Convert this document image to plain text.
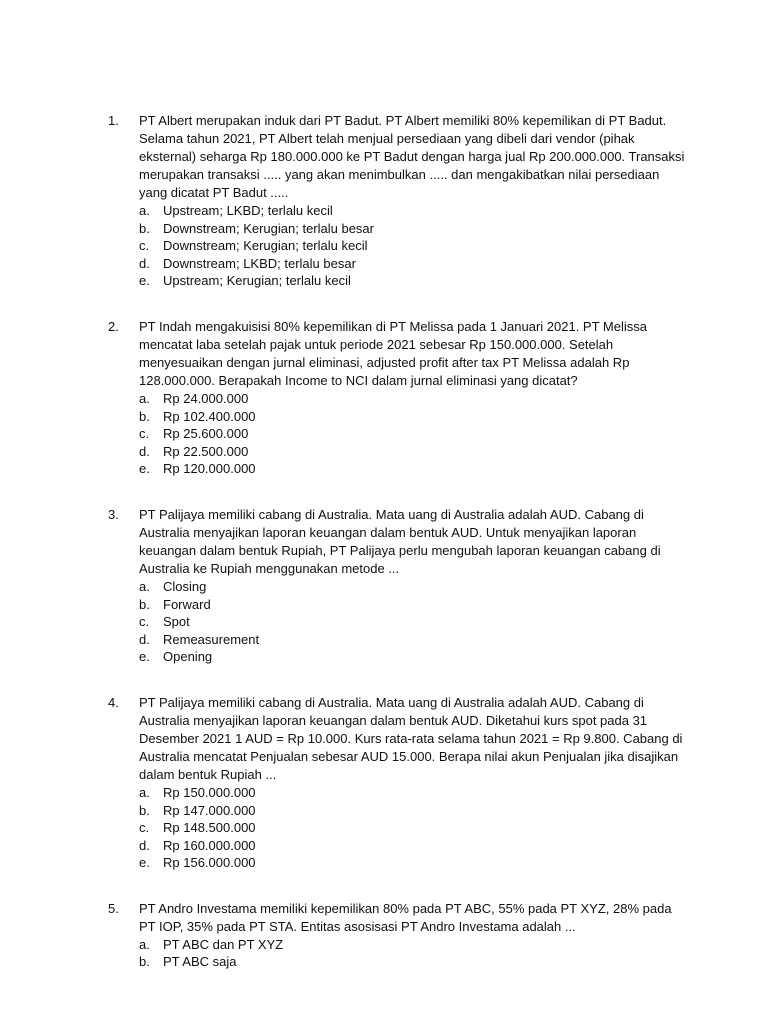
1. PT Albert merupakan induk dari PT Badut. PT Albert memiliki 80% kepemilikan di PT Badut. Selama tahun 2021, PT Albert telah menjual persediaan yang dibeli dari vendor (pihak eksternal) seharga Rp 180.000.000 ke PT Badut dengan harga jual Rp 200.000.000. Transaksi merupakan transaksi ..... yang akan menimbulkan ..... dan mengakibatkan nilai persediaan yang dicatat PT Badut .....
a. Upstream; LKBD; terlalu kecil
b. Downstream; Kerugian; terlalu besar
c. Downstream; Kerugian; terlalu kecil
d. Downstream; LKBD; terlalu besar
e. Upstream; Kerugian; terlalu kecil
2. PT Indah mengakuisisi 80% kepemilikan di PT Melissa pada 1 Januari 2021. PT Melissa mencatat laba setelah pajak untuk periode 2021 sebesar Rp 150.000.000. Setelah menyesuaikan dengan jurnal eliminasi, adjusted profit after tax PT Melissa adalah Rp 128.000.000. Berapakah Income to NCI dalam jurnal eliminasi yang dicatat?
a. Rp 24.000.000
b. Rp 102.400.000
c. Rp 25.600.000
d. Rp 22.500.000
e. Rp 120.000.000
3. PT Palijaya memiliki cabang di Australia. Mata uang di Australia adalah AUD. Cabang di Australia menyajikan laporan keuangan dalam bentuk AUD. Untuk menyajikan laporan keuangan dalam bentuk Rupiah, PT Palijaya perlu mengubah laporan keuangan cabang di Australia ke Rupiah menggunakan metode ...
a. Closing
b. Forward
c. Spot
d. Remeasurement
e. Opening
4. PT Palijaya memiliki cabang di Australia. Mata uang di Australia adalah AUD. Cabang di Australia menyajikan laporan keuangan dalam bentuk AUD. Diketahui kurs spot pada 31 Desember 2021 1 AUD = Rp 10.000. Kurs rata-rata selama tahun 2021 = Rp 9.800. Cabang di Australia mencatat Penjualan sebesar AUD 15.000. Berapa nilai akun Penjualan jika disajikan dalam bentuk Rupiah ...
a. Rp 150.000.000
b. Rp 147.000.000
c. Rp 148.500.000
d. Rp 160.000.000
e. Rp 156.000.000
5. PT Andro Investama memiliki kepemilikan 80% pada PT ABC, 55% pada PT XYZ, 28% pada PT IOP, 35% pada PT STA. Entitas asosisasi PT Andro Investama adalah ...
a. PT ABC dan PT XYZ
b. PT ABC saja
